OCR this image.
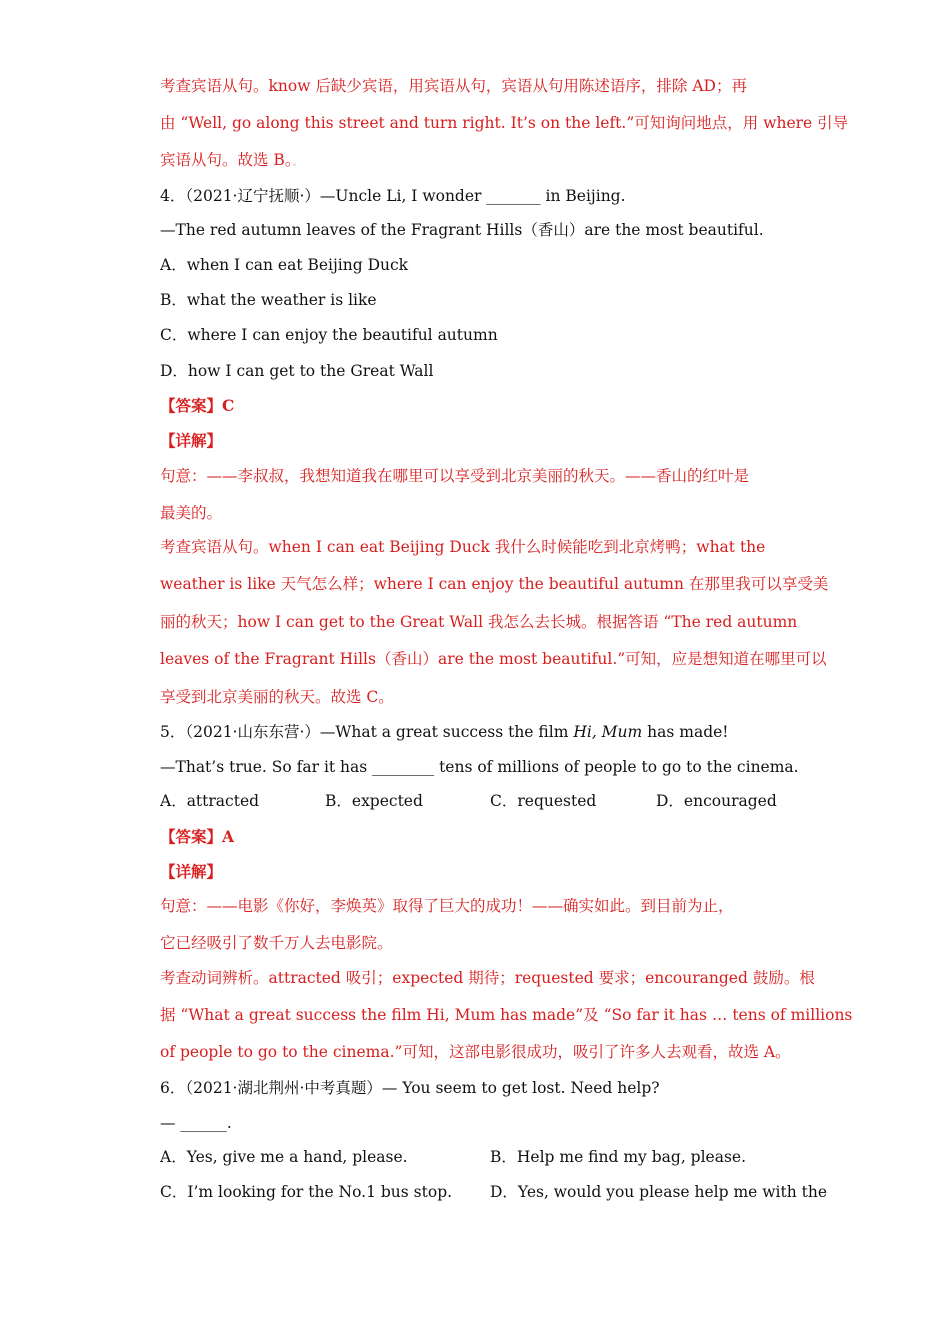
考查宾语从句。know 后缺少宾语，用宾语从句，宾语从句用陈述语序，排除 AD；再
由 “Well, go along this street and turn right. It’s on the left.”可知询问地点，用 where 引导
宾语从句。故选 B。。
4．（2021·辽宁抚顺·）—Uncle Li, I wonder _______ in Beijing.
—The red autumn leaves of the Fragrant Hills（香山）are the most beautiful.
A．when I can eat Beijing Duck
B．what the weather is like
C．where I can enjoy the beautiful autumn
D．how I can get to the Great Wall
【答案】C
【详解】
句意：——李叔叔，我想知道我在哪里可以享受到北京美丽的秋天。——香山的红叶是
最美的。
考查宾语从句。when I can eat Beijing Duck 我什么时候能吃到北京烤鸭；what the
weather is like 天气怎么样；where I can enjoy the beautiful autumn 在那里我可以享受美
丽的秋天；how I can get to the Great Wall 我怎么去长城。根据答语 “The red autumn
leaves of the Fragrant Hills（香山）are the most beautiful.”可知，应是想知道在哪里可以
享受到北京美丽的秋天。故选 C。
5．（2021·山东东营·）—What a great success the film Hi, Mum has made!
—That’s true. So far it has ________ tens of millions of people to go to the cinema.
A．attracted	B．expected	C．requested	D．encouraged
【答案】A
【详解】
句意：——电影《你好，李焕英》取得了巨大的成功！——确实如此。到目前为止，
它已经吸引了数千万人去电影院。
考查动词辨析。attracted 吸引；expected 期待；requested 要求；encouranged 鼓励。根
据 “What a great success the film Hi, Mum has made”及 “So far it has … tens of millions
of people to go to the cinema.”可知，这部电影很成功，吸引了许多人去观看，故选 A。
6．（2021·湖北荆州·中考真题）— You seem to get lost. Need help?
— ______.
A．Yes, give me a hand, please.	B．Help me find my bag, please.
C．I’m looking for the No.1 bus stop. D．Yes, would you please help me with the
